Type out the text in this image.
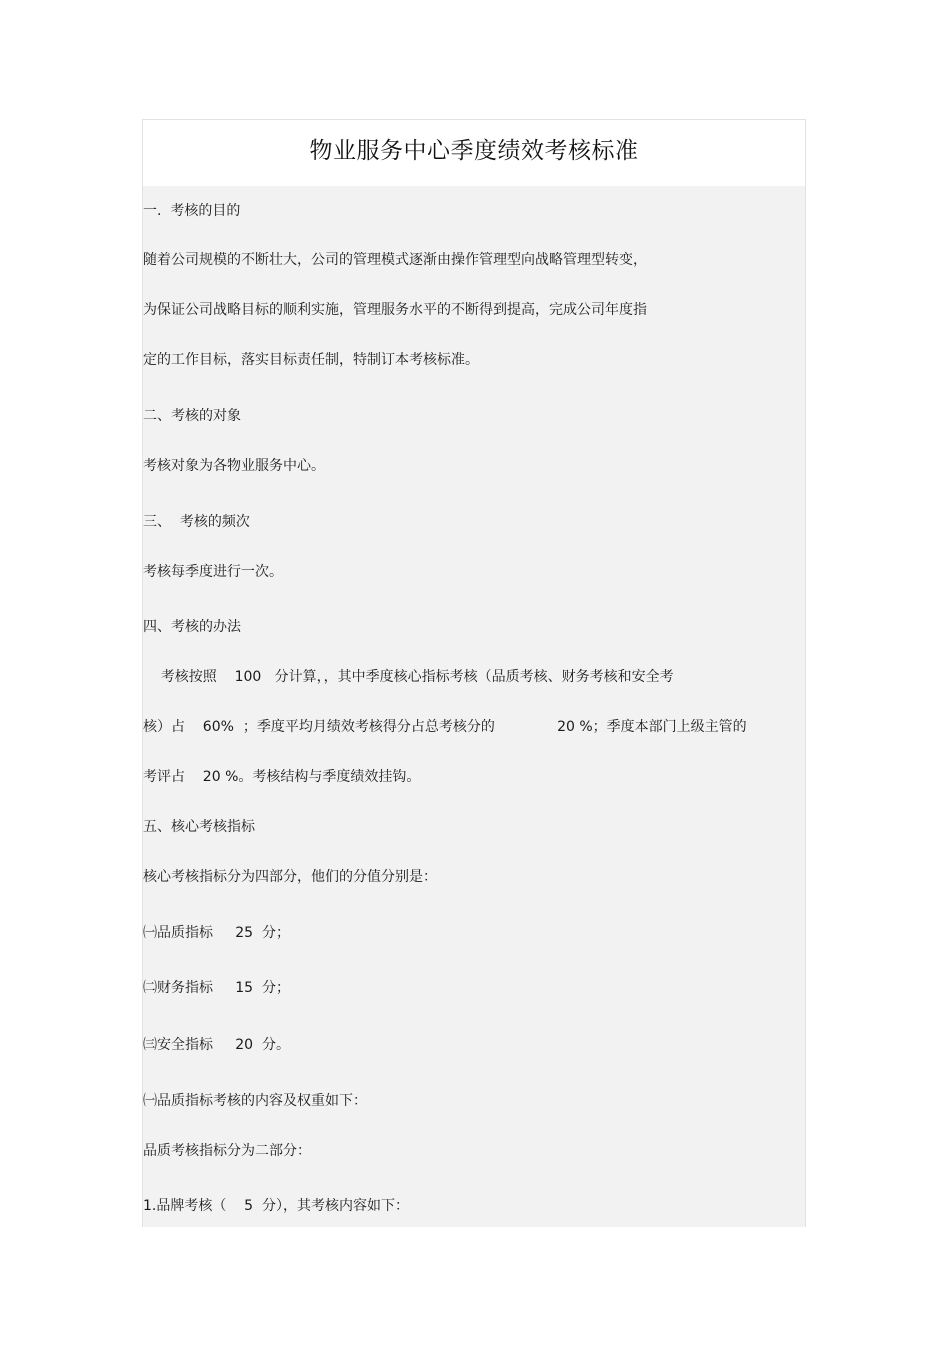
物业服务中心季度绩效考核标准

一.  考核的目的

随着公司规模的不断壮大，公司的管理模式逐渐由操作管理型向战略管理型转变，

为保证公司战略目标的顺利实施，管理服务水平的不断得到提高，完成公司年度指

定的工作目标，落实目标责任制，特制订本考核标准。

二、考核的对象

考核对象为各物业服务中心。

三、  考核的频次

考核每季度进行一次。

四、考核的办法

考核按照    100   分计算，，其中季度核心指标考核（品质考核、财务考核和安全考

核）占    60%  ；季度平均月绩效考核得分占总考核分的              20 %；季度本部门上级主管的

考评占    20 %。考核结构与季度绩效挂钩。

五、核心考核指标

核心考核指标分为四部分，他们的分值分别是：

㈠品质指标     25  分；

㈡财务指标     15  分；

㈢安全指标     20  分。

㈠品质指标考核的内容及权重如下：

品质考核指标分为二部分：

1.品牌考核（    5  分），其考核内容如下：
